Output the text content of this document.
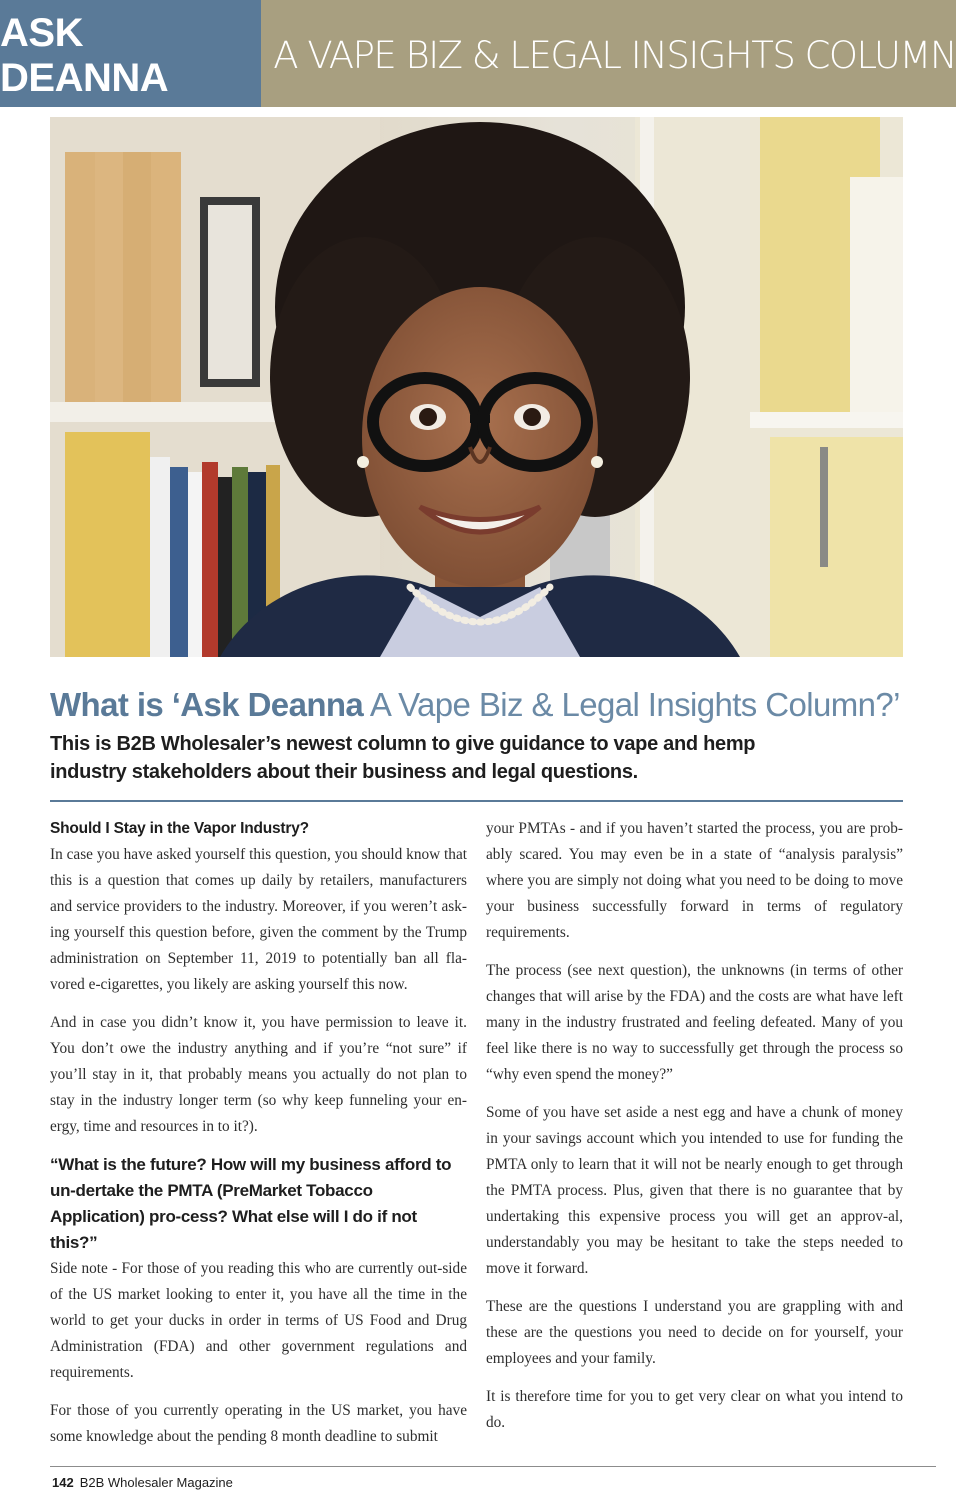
ASK DEANNA	A VAPE BIZ & LEGAL INSIGHTS COLUMN
What is ‘Ask Deanna A Vape Biz & Legal Insights Column?’

This is B2B Wholesaler’s newest column to give guidance to vape and hemp industry stakeholders about their business and legal questions.

Should I Stay in the Vapor Industry?

In case you have asked yourself this question, you should know that this is a question that comes up daily by retailers, manufacturers and service providers to the industry. Moreover, if you weren’t ask-ing yourself this question before, given the comment by the Trump administration on September 11, 2019 to potentially ban all fla-vored e-cigarettes, you likely are asking yourself this now.

And in case you didn’t know it, you have permission to leave it. You don’t owe the industry anything and if you’re “not sure” if you’ll stay in it, that probably means you actually do not plan to stay in the industry longer term (so why keep funneling your en-ergy, time and resources in to it?).

“What is the future? How will my business afford to un-dertake the PMTA (PreMarket Tobacco Application) pro-cess? What else will I do if not this?”

Side note - For those of you reading this who are currently out-side of the US market looking to enter it, you have all the time in the world to get your ducks in order in terms of US Food and Drug Administration (FDA) and other government regulations and requirements.

For those of you currently operating in the US market, you have some knowledge about the pending 8 month deadline to submit

your PMTAs - and if you haven’t started the process, you are prob-ably scared. You may even be in a state of “analysis paralysis” where you are simply not doing what you need to be doing to move your business successfully forward in terms of regulatory requirements.

The process (see next question), the unknowns (in terms of other changes that will arise by the FDA) and the costs are what have left many in the industry frustrated and feeling defeated. Many of you feel like there is no way to successfully get through the process so “why even spend the money?”

Some of you have set aside a nest egg and have a chunk of money in your savings account which you intended to use for funding the PMTA only to learn that it will not be nearly enough to get through the PMTA process. Plus, given that there is no guarantee that by undertaking this expensive process you will get an approv-al, understandably you may be hesitant to take the steps needed to move it forward.

These are the questions I understand you are grappling with and these are the questions you need to decide on for yourself, your employees and your family.

It is therefore time for you to get very clear on what you intend to do.

142 B2B Wholesaler Magazine
